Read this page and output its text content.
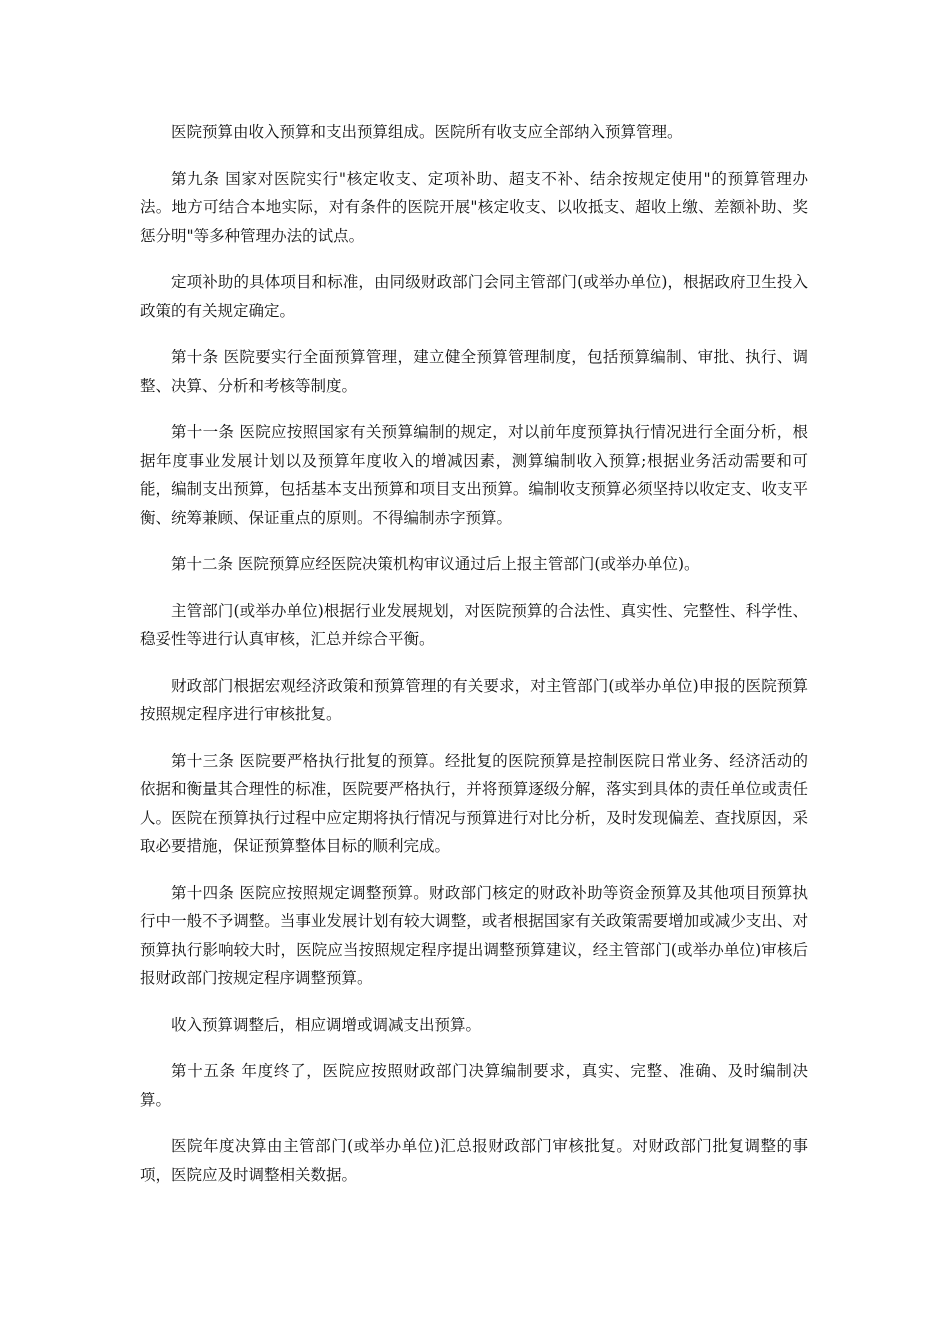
医院预算由收入预算和支出预算组成。医院所有收支应全部纳入预算管理。

第九条 国家对医院实行"核定收支、定项补助、超支不补、结余按规定使用"的预算管理办法。地方可结合本地实际，对有条件的医院开展"核定收支、以收抵支、超收上缴、差额补助、奖惩分明"等多种管理办法的试点。

定项补助的具体项目和标准，由同级财政部门会同主管部门(或举办单位)，根据政府卫生投入政策的有关规定确定。

第十条 医院要实行全面预算管理，建立健全预算管理制度，包括预算编制、审批、执行、调整、决算、分析和考核等制度。

第十一条 医院应按照国家有关预算编制的规定，对以前年度预算执行情况进行全面分析，根据年度事业发展计划以及预算年度收入的增减因素，测算编制收入预算;根据业务活动需要和可能，编制支出预算，包括基本支出预算和项目支出预算。编制收支预算必须坚持以收定支、收支平衡、统筹兼顾、保证重点的原则。不得编制赤字预算。

第十二条 医院预算应经医院决策机构审议通过后上报主管部门(或举办单位)。

主管部门(或举办单位)根据行业发展规划，对医院预算的合法性、真实性、完整性、科学性、稳妥性等进行认真审核，汇总并综合平衡。

财政部门根据宏观经济政策和预算管理的有关要求，对主管部门(或举办单位)申报的医院预算按照规定程序进行审核批复。

第十三条 医院要严格执行批复的预算。经批复的医院预算是控制医院日常业务、经济活动的依据和衡量其合理性的标准，医院要严格执行，并将预算逐级分解，落实到具体的责任单位或责任人。医院在预算执行过程中应定期将执行情况与预算进行对比分析，及时发现偏差、查找原因，采取必要措施，保证预算整体目标的顺利完成。

第十四条 医院应按照规定调整预算。财政部门核定的财政补助等资金预算及其他项目预算执行中一般不予调整。当事业发展计划有较大调整，或者根据国家有关政策需要增加或减少支出、对预算执行影响较大时，医院应当按照规定程序提出调整预算建议，经主管部门(或举办单位)审核后报财政部门按规定程序调整预算。

收入预算调整后，相应调增或调减支出预算。

第十五条 年度终了，医院应按照财政部门决算编制要求，真实、完整、准确、及时编制决算。

医院年度决算由主管部门(或举办单位)汇总报财政部门审核批复。对财政部门批复调整的事项，医院应及时调整相关数据。
